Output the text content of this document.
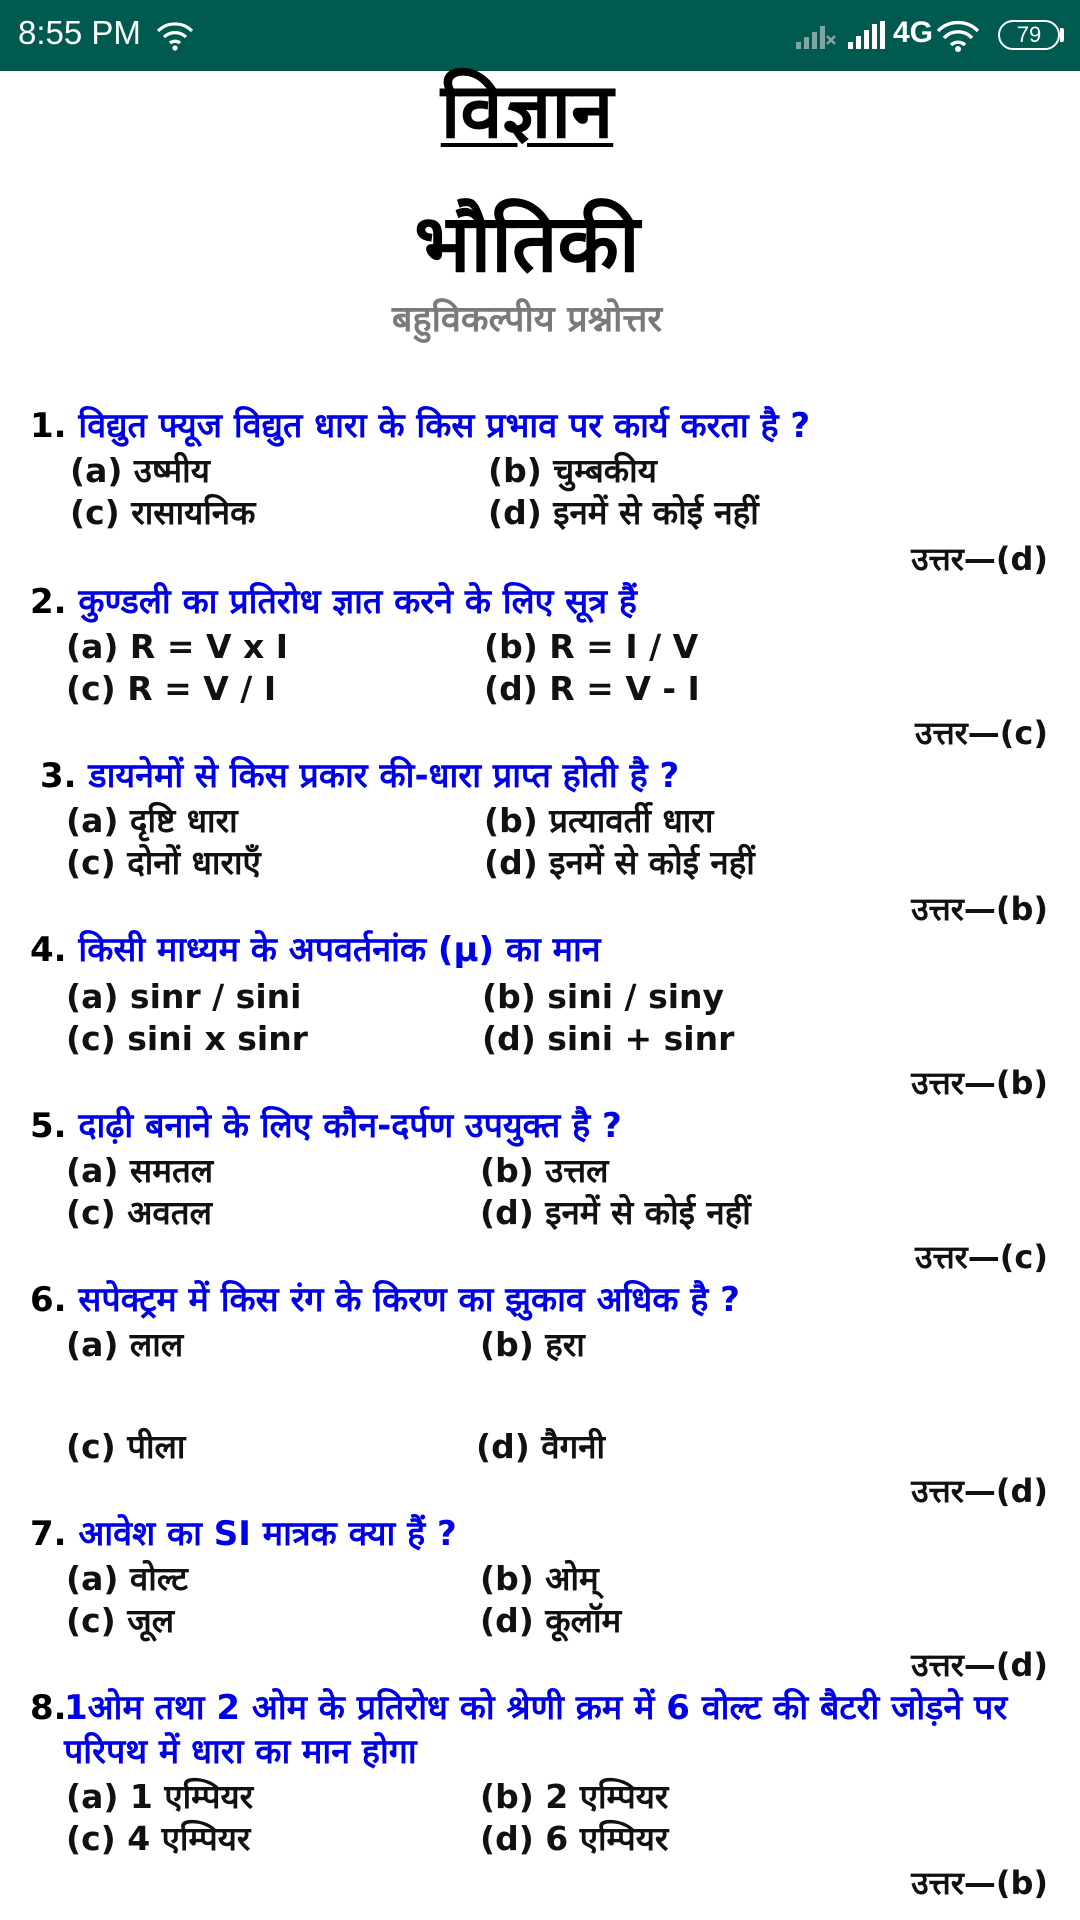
8:55 PM	4G	79
विज्ञान
भौतिकी
बहुविकल्पीय प्रश्नोत्तर
1. विद्युत फ्यूज विद्युत धारा के किस प्रभाव पर कार्य करता है ?
(a) उष्मीय	(b) चुम्बकीय
(c) रासायनिक	(d) इनमें से कोई नहीं
उत्तर—(d)
2. कुण्डली का प्रतिरोध ज्ञात करने के लिए सूत्र हैं
(a) R = V x I	(b) R = I / V
(c) R = V / I	(d) R = V - I
उत्तर—(c)
3. डायनेमों से किस प्रकार की-धारा प्राप्त होती है ?
(a) दृष्टि धारा	(b) प्रत्यावर्ती धारा
(c) दोनों धाराएँ	(d) इनमें से कोई नहीं
उत्तर—(b)
4. किसी माध्यम के अपवर्तनांक (μ) का मान
(a) sinr / sini	(b) sini / siny
(c) sini x sinr	(d) sini + sinr
उत्तर—(b)
5. दाढ़ी बनाने के लिए कौन-दर्पण उपयुक्त है ?
(a) समतल	(b) उत्तल
(c) अवतल	(d) इनमें से कोई नहीं
उत्तर—(c)
6. सपेक्ट्रम में किस रंग के किरण का झुकाव अधिक है ?
(a) लाल	(b) हरा
(c) पीला	(d) वैगनी
उत्तर—(d)
7. आवेश का SI मात्रक क्या हैं ?
(a) वोल्ट	(b) ओम्
(c) जूल	(d) कूलॉम
उत्तर—(d)
8.
1ओम तथा 2 ओम के प्रतिरोध को श्रेणी क्रम में 6 वोल्ट की बैटरी जोड़ने पर परिपथ में धारा का मान होगा
(a) 1 एम्पियर	(b) 2 एम्पियर
(c) 4 एम्पियर	(d) 6 एम्पियर
उत्तर—(b)
